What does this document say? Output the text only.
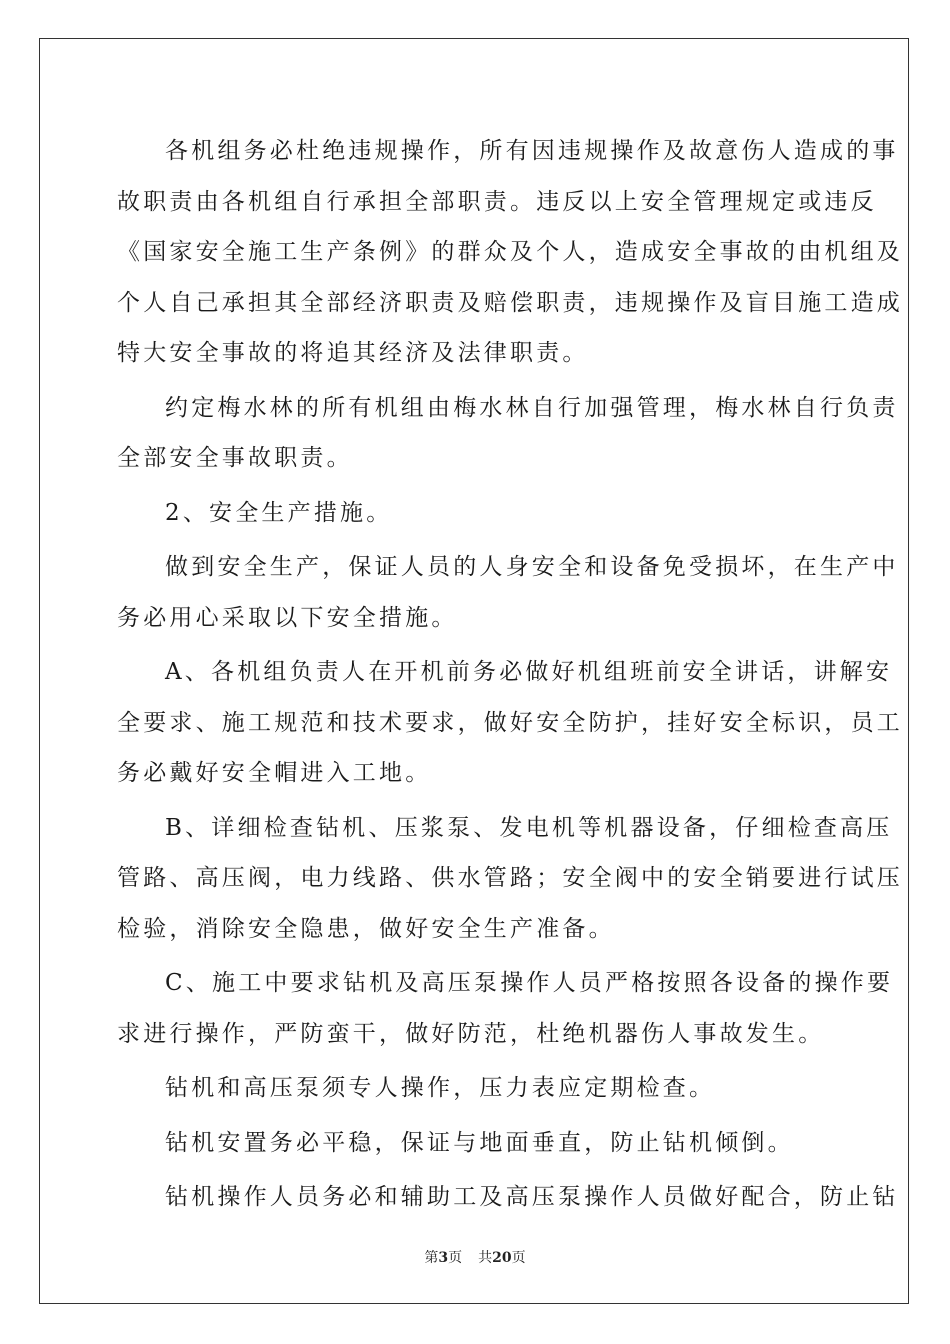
各机组务必杜绝违规操作，所有因违规操作及故意伤人造成的事
故职责由各机组自行承担全部职责。违反以上安全管理规定或违反
《国家安全施工生产条例》的群众及个人，造成安全事故的由机组及
个人自己承担其全部经济职责及赔偿职责，违规操作及盲目施工造成
特大安全事故的将追其经济及法律职责。

约定梅水林的所有机组由梅水林自行加强管理，梅水林自行负责
全部安全事故职责。

2、安全生产措施。

做到安全生产，保证人员的人身安全和设备免受损坏，在生产中
务必用心采取以下安全措施。

A、各机组负责人在开机前务必做好机组班前安全讲话，讲解安
全要求、施工规范和技术要求，做好安全防护，挂好安全标识，员工
务必戴好安全帽进入工地。

B、详细检查钻机、压浆泵、发电机等机器设备，仔细检查高压
管路、高压阀，电力线路、供水管路；安全阀中的安全销要进行试压
检验，消除安全隐患，做好安全生产准备。

C、施工中要求钻机及高压泵操作人员严格按照各设备的操作要
求进行操作，严防蛮干，做好防范，杜绝机器伤人事故发生。

钻机和高压泵须专人操作，压力表应定期检查。

钻机安置务必平稳，保证与地面垂直，防止钻机倾倒。

钻机操作人员务必和辅助工及高压泵操作人员做好配合，防止钻

第3页 共20页
